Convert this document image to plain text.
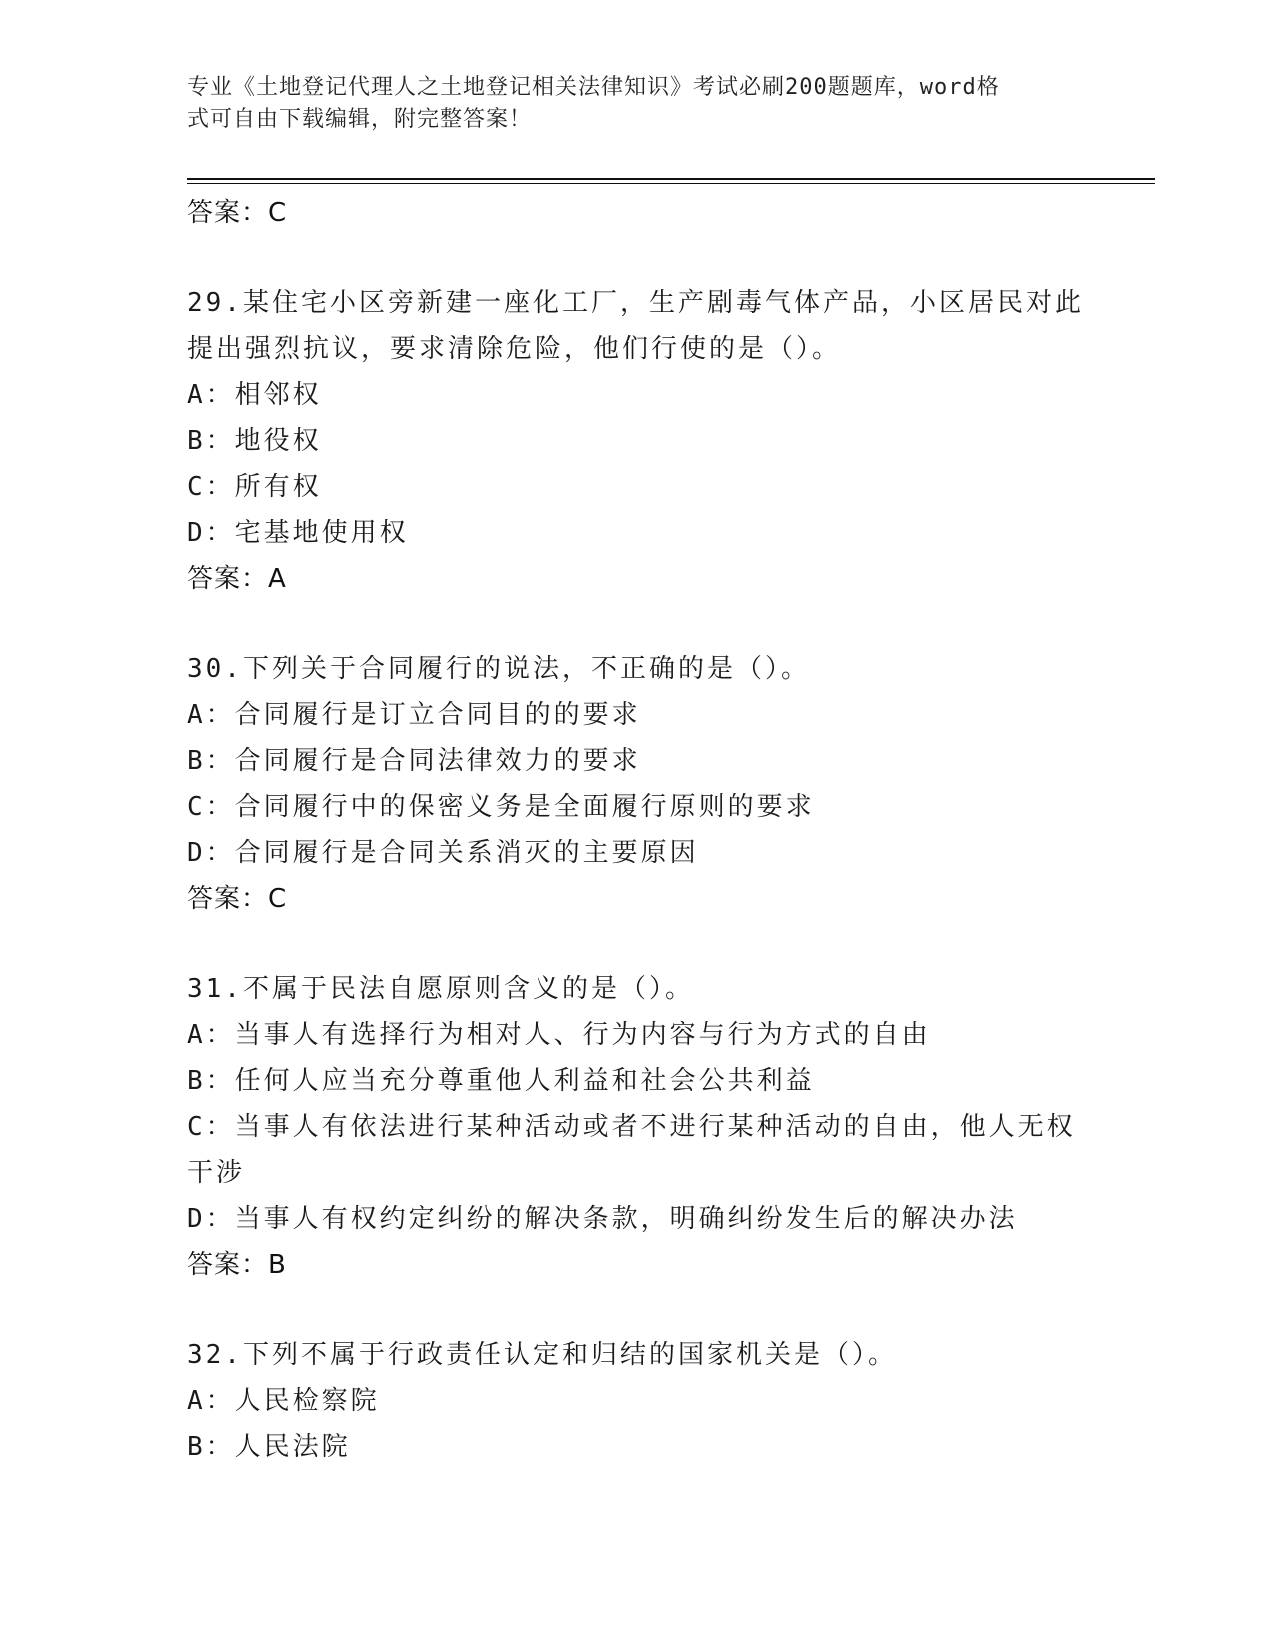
专业《土地登记代理人之土地登记相关法律知识》考试必刷200题题库，word格
式可自由下载编辑，附完整答案！
答案：C
29.某住宅小区旁新建一座化工厂，生产剧毒气体产品，小区居民对此
提出强烈抗议，要求清除危险，他们行使的是（）。
A：相邻权
B：地役权
C：所有权
D：宅基地使用权
答案：A
30.下列关于合同履行的说法，不正确的是（）。
A：合同履行是订立合同目的的要求
B：合同履行是合同法律效力的要求
C：合同履行中的保密义务是全面履行原则的要求
D：合同履行是合同关系消灭的主要原因
答案：C
31.不属于民法自愿原则含义的是（）。
A：当事人有选择行为相对人、行为内容与行为方式的自由
B：任何人应当充分尊重他人利益和社会公共利益
C：当事人有依法进行某种活动或者不进行某种活动的自由，他人无权
干涉
D：当事人有权约定纠纷的解决条款，明确纠纷发生后的解决办法
答案：B
32.下列不属于行政责任认定和归结的国家机关是（）。
A：人民检察院
B：人民法院
